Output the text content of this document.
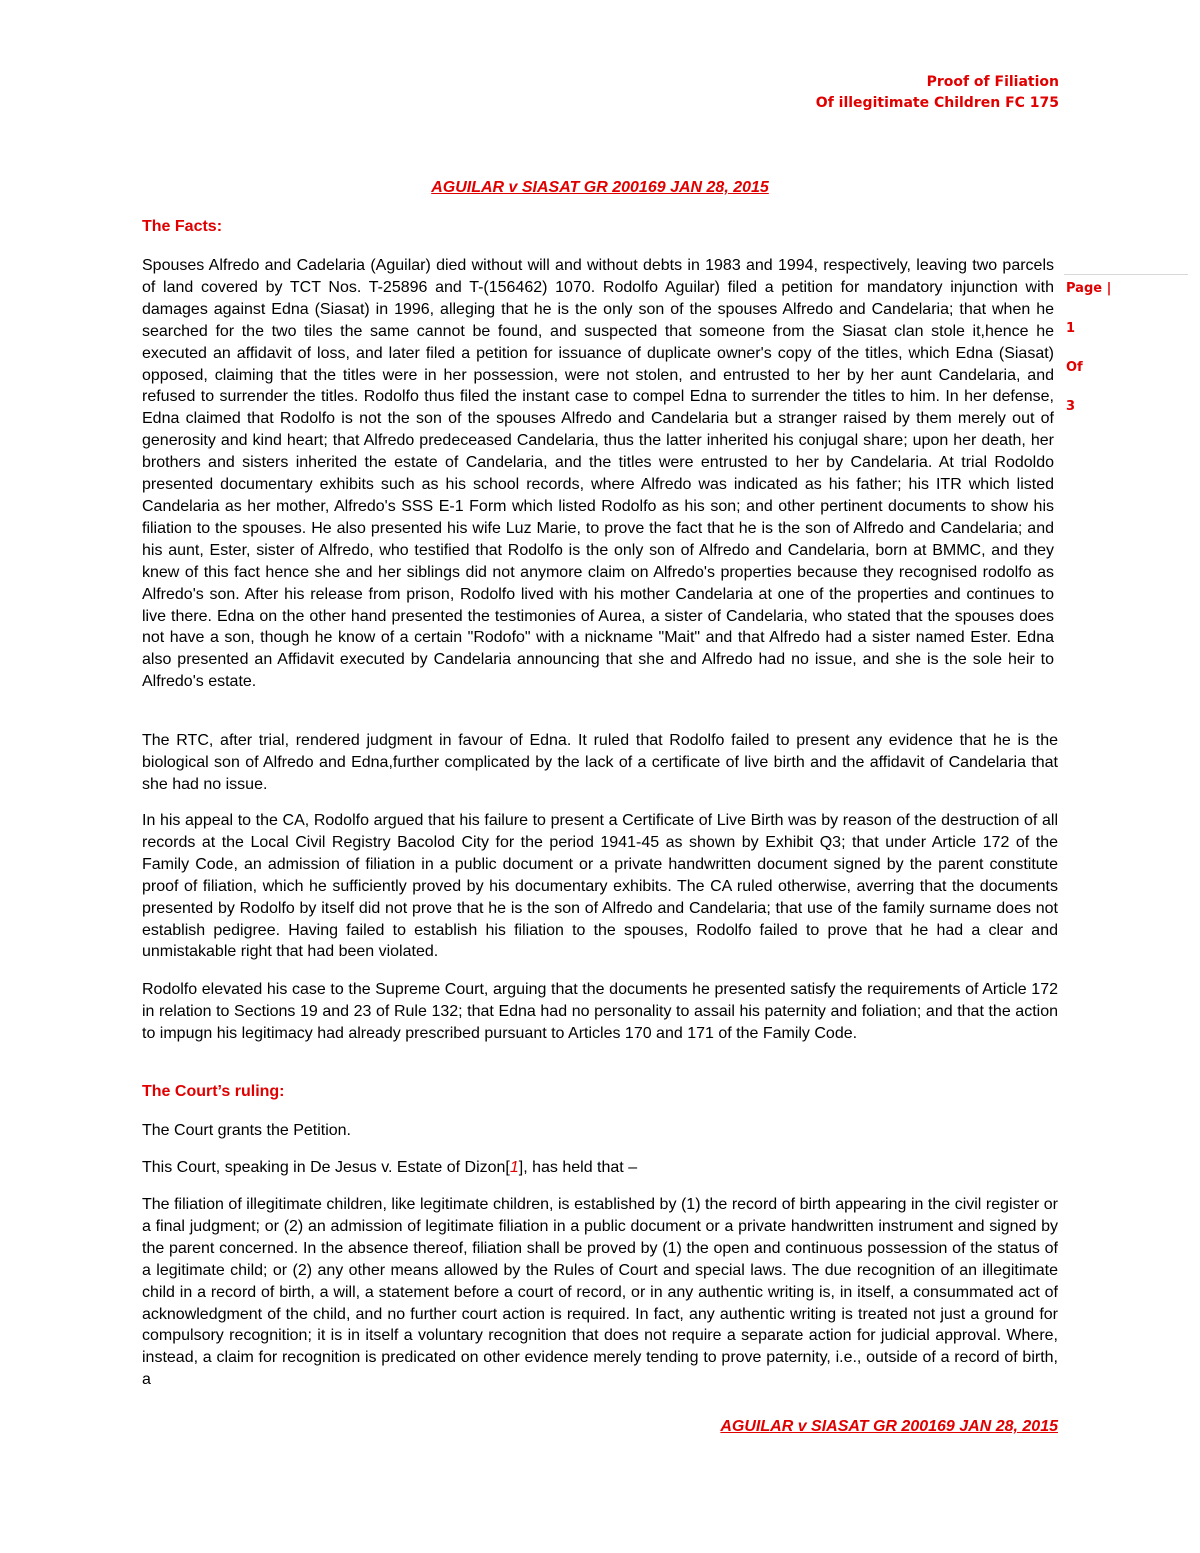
Proof of Filiation
Of illegitimate Children FC 175
Page |
1
Of
3
AGUILAR v SIASAT GR 200169 JAN 28, 2015
The Facts:

Spouses Alfredo and Cadelaria (Aguilar) died without will and without debts in 1983 and 1994, respectively, leaving two parcels of land covered by TCT Nos. T-25896 and T-(156462) 1070. Rodolfo Aguilar) filed a petition for mandatory injunction with damages against Edna (Siasat) in 1996, alleging that he is the only son of the spouses Alfredo and Candelaria; that when he searched for the two tiles the same cannot be found, and suspected that someone from the Siasat clan stole it,hence he executed an affidavit of loss, and later filed a petition for issuance of duplicate owner's copy of the titles, which Edna (Siasat) opposed, claiming that the titles were in her possession, were not stolen, and entrusted to her by her aunt Candelaria, and refused to surrender the titles. Rodolfo thus filed the instant case to compel Edna to surrender the titles to him. In her defense, Edna claimed that Rodolfo is not the son of the spouses Alfredo and Candelaria but a stranger raised by them merely out of generosity and kind heart; that Alfredo predeceased Candelaria, thus the latter inherited his conjugal share; upon her death, her brothers and sisters inherited the estate of Candelaria, and the titles were entrusted to her by Candelaria. At trial Rodoldo presented documentary exhibits such as his school records, where Alfredo was indicated as his father; his ITR which listed Candelaria as her mother, Alfredo's SSS E-1 Form which listed Rodolfo as his son; and other pertinent documents to show his filiation to the spouses. He also presented his wife Luz Marie, to prove the fact that he is the son of Alfredo and Candelaria; and his aunt, Ester, sister of Alfredo, who testified that Rodolfo is the only son of Alfredo and Candelaria, born at BMMC, and they knew of this fact hence she and her siblings did not anymore claim on Alfredo's properties because they recognised rodolfo as Alfredo's son. After his release from prison, Rodolfo lived with his mother Candelaria at one of the properties and continues to live there. Edna on the other hand presented the testimonies of Aurea, a sister of Candelaria, who stated that the spouses does not have a son, though he know of a certain "Rodofo" with a nickname "Mait" and that Alfredo had a sister named Ester. Edna also presented an Affidavit executed by Candelaria announcing that she and Alfredo had no issue, and she is the sole heir to Alfredo's estate.

The RTC, after trial, rendered judgment in favour of Edna. It ruled that Rodolfo failed to present any evidence that he is the biological son of Alfredo and Edna,further complicated by the lack of a certificate of live birth and the affidavit of Candelaria that she had no issue.

In his appeal to the CA, Rodolfo argued that his failure to present a Certificate of Live Birth was by reason of the destruction of all records at the Local Civil Registry Bacolod City for the period 1941-45 as shown by Exhibit Q3; that under Article 172 of the Family Code, an admission of filiation in a public document or a private handwritten document signed by the parent constitute proof of filiation, which he sufficiently proved by his documentary exhibits. The CA ruled otherwise, averring that the documents presented by Rodolfo by itself did not prove that he is the son of Alfredo and Candelaria; that use of the family surname does not establish pedigree. Having failed to establish his filiation to the spouses, Rodolfo failed to prove that he had a clear and unmistakable right that had been violated.

Rodolfo elevated his case to the Supreme Court, arguing that the documents he presented satisfy the requirements of Article 172 in relation to Sections 19 and 23 of Rule 132; that Edna had no personality to assail his paternity and foliation; and that the action to impugn his legitimacy had already prescribed pursuant to Articles 170 and 171 of the Family Code.

The Court’s ruling:

The Court grants the Petition.

This Court, speaking in De Jesus v. Estate of Dizon[1], has held that –

The filiation of illegitimate children, like legitimate children, is established by (1) the record of birth appearing in the civil register or a final judgment; or (2) an admission of legitimate filiation in a public document or a private handwritten instrument and signed by the parent concerned. In the absence thereof, filiation shall be proved by (1) the open and continuous possession of the status of a legitimate child; or (2) any other means allowed by the Rules of Court and special laws. The due recognition of an illegitimate child in a record of birth, a will, a statement before a court of record, or in any authentic writing is, in itself, a consummated act of acknowledgment of the child, and no further court action is required. In fact, any authentic writing is treated not just a ground for compulsory recognition; it is in itself a voluntary recognition that does not require a separate action for judicial approval. Where, instead, a claim for recognition is predicated on other evidence merely tending to prove paternity, i.e., outside of a record of birth, a

AGUILAR v SIASAT GR 200169 JAN 28, 2015
